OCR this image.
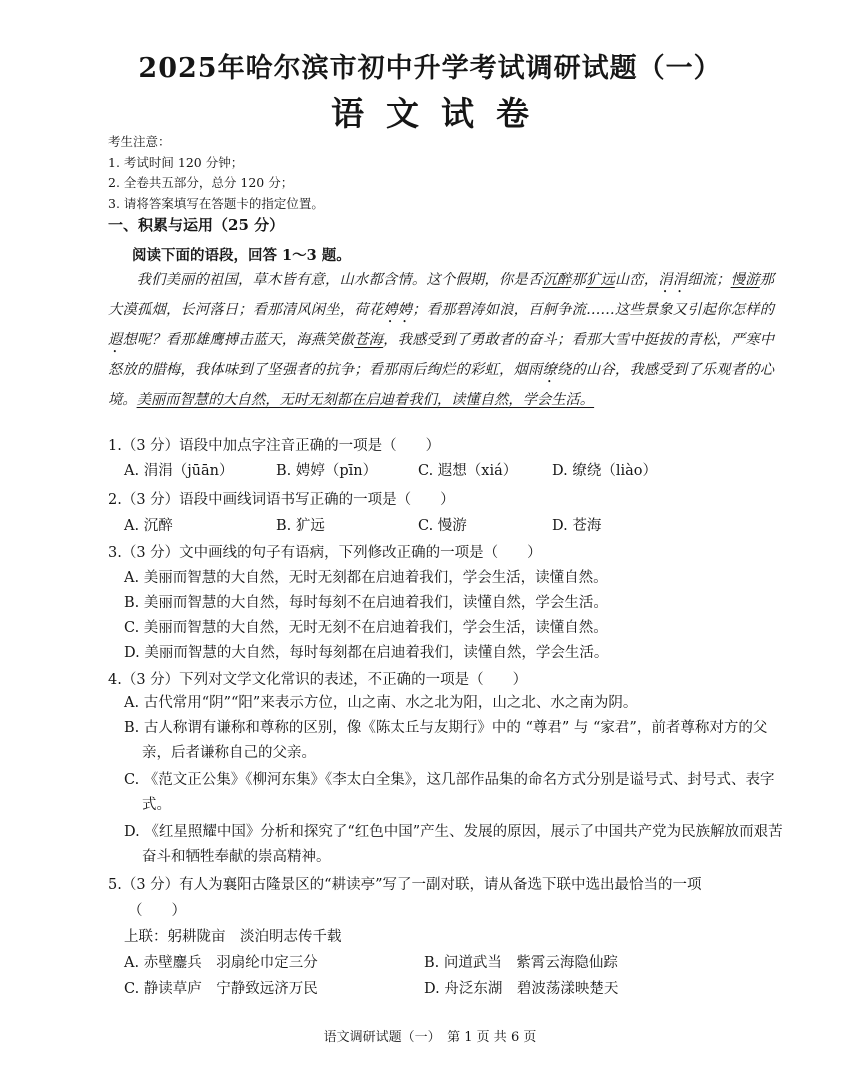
2025年哈尔滨市初中升学考试调研试题（一）
语文试卷
考生注意：
1. 考试时间 120 分钟；
2. 全卷共五部分，总分 120 分；
3. 请将答案填写在答题卡的指定位置。
一、积累与运用（25 分）
阅读下面的语段，回答 1～3 题。
我们美丽的祖国，草木皆有意，山水都含情。这个假期，你是否沉醉那犷远山峦，涓涓细流；慢游那大漠孤烟，长河落日；看那清风闲坐，荷花娉娉；看那碧涛如浪，百舸争流……这些景象又引起你怎样的遐想呢？看那雄鹰搏击蓝天，海燕笑傲苍海，我感受到了勇敢者的奋斗；看那大雪中挺拔的青松，严寒中怒放的腊梅，我体味到了坚强者的抗争；看那雨后绚烂的彩虹，烟雨缭绕的山谷，我感受到了乐观者的心境。美丽而智慧的大自然，无时无刻都在启迪着我们，读懂自然，学会生活。
1.（3 分）语段中加点字注音正确的一项是（　　）
A. 涓涓（jūān）	B. 娉婷（pīn）	C. 遐想（xiá） D. 缭绕（liào）
2.（3 分）语段中画线词语书写正确的一项是（　　）
A. 沉醉	B. 犷远	C. 慢游	D. 苍海
3.（3 分）文中画线的句子有语病，下列修改正确的一项是（　　）
A. 美丽而智慧的大自然，无时无刻都在启迪着我们，学会生活，读懂自然。
B. 美丽而智慧的大自然，每时每刻不在启迪着我们，读懂自然，学会生活。
C. 美丽而智慧的大自然，无时无刻不在启迪着我们，学会生活，读懂自然。
D. 美丽而智慧的大自然，每时每刻都在启迪着我们，读懂自然，学会生活。
4.（3 分）下列对文学文化常识的表述，不正确的一项是（　　）
A. 古代常用“阴”“阳”来表示方位，山之南、水之北为阳，山之北、水之南为阴。
B. 古人称谓有谦称和尊称的区别，像《陈太丘与友期行》中的 “尊君” 与 “家君”，前者尊称对方的父亲，后者谦称自己的父亲。
C. 《范文正公集》《柳河东集》《李太白全集》，这几部作品集的命名方式分别是谥号式、封号式、表字式。
D. 《红星照耀中国》分析和探究了“红色中国”产生、发展的原因，展示了中国共产党为民族解放而艰苦奋斗和牺牲奉献的崇高精神。
5.（3 分）有人为襄阳古隆景区的“耕读亭”写了一副对联，请从备选下联中选出最恰当的一项
（　　）
上联：躬耕陇亩　淡泊明志传千载
A. 赤壁鏖兵　羽扇纶巾定三分	B. 问道武当　紫霄云海隐仙踪
C. 静读草庐　宁静致远济万民	D. 舟泛东湖　碧波荡漾映楚天
语文调研试题（一）　第 1 页 共 6 页
